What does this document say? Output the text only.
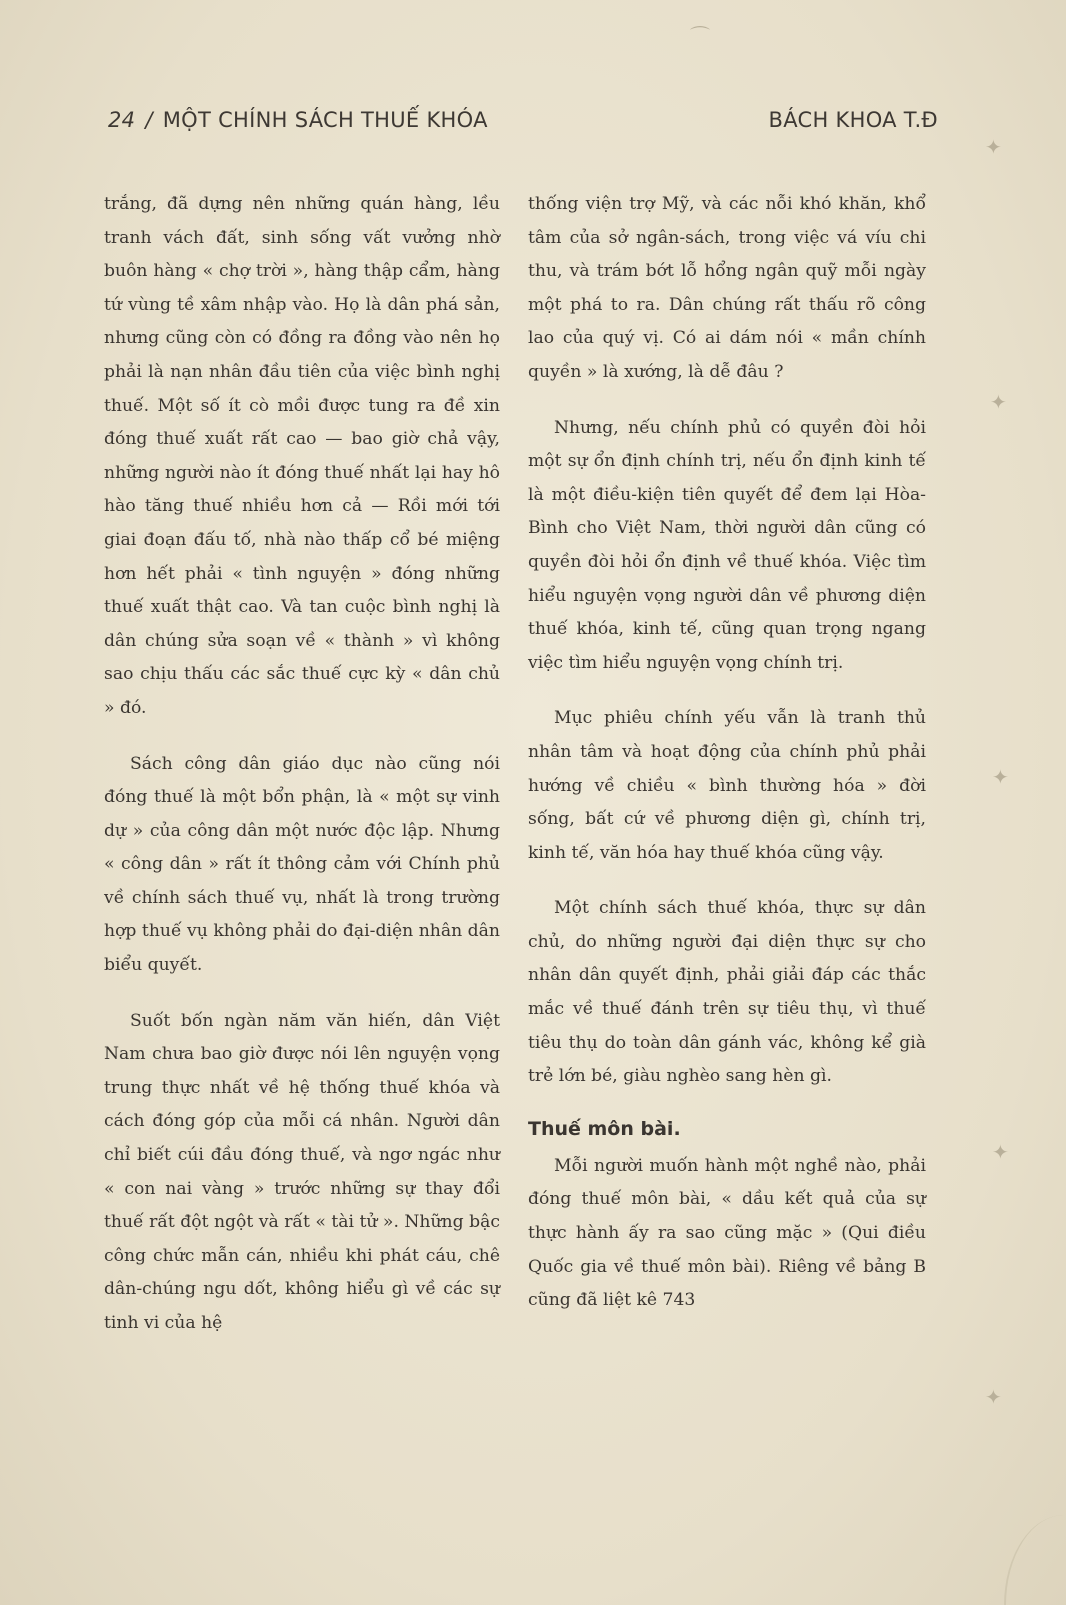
⌒
✦
✦
✦
✦
✦
24 / MỘT CHÍNH SÁCH THUẾ KHÓA	BÁCH KHOA T.Đ

trắng, đã dựng nên những quán hàng, lều tranh vách đất, sinh sống vất vưởng nhờ buôn hàng « chợ trời », hàng thập cẩm, hàng tứ vùng tề xâm nhập vào. Họ là dân phá sản, nhưng cũng còn có đồng ra đồng vào nên họ phải là nạn nhân đầu tiên của việc bình nghị thuế. Một số ít cò mồi được tung ra đề xin đóng thuế xuất rất cao — bao giờ chả vậy, những người nào ít đóng thuế nhất lại hay hô hào tăng thuế nhiều hơn cả — Rồi mới tới giai đoạn đấu tố, nhà nào thấp cổ bé miệng hơn hết phải « tình nguyện » đóng những thuế xuất thật cao. Và tan cuộc bình nghị là dân chúng sửa soạn về « thành » vì không sao chịu thấu các sắc thuế cực kỳ « dân chủ » đó.

Sách công dân giáo dục nào cũng nói đóng thuế là một bổn phận, là « một sự vinh dự » của công dân một nước độc lập. Nhưng « công dân » rất ít thông cảm với Chính phủ về chính sách thuế vụ, nhất là trong trường hợp thuế vụ không phải do đại-diện nhân dân biểu quyết.

Suốt bốn ngàn năm văn hiến, dân Việt Nam chưa bao giờ được nói lên nguyện vọng trung thực nhất về hệ thống thuế khóa và cách đóng góp của mỗi cá nhân. Người dân chỉ biết cúi đầu đóng thuế, và ngơ ngác như « con nai vàng » trước những sự thay đổi thuế rất đột ngột và rất « tài tử ». Những bậc công chức mẫn cán, nhiều khi phát cáu, chê dân-chúng ngu dốt, không hiểu gì về các sự tinh vi của hệ

thống viện trợ Mỹ, và các nỗi khó khăn, khổ tâm của sở ngân-sách, trong việc vá víu chi thu, và trám bớt lỗ hổng ngân quỹ mỗi ngày một phá to ra. Dân chúng rất thấu rõ công lao của quý vị. Có ai dám nói « mần chính quyền » là xướng, là dễ đâu ?

Nhưng, nếu chính phủ có quyền đòi hỏi một sự ổn định chính trị, nếu ổn định kinh tế là một điều-kiện tiên quyết để đem lại Hòa-Bình cho Việt Nam, thời người dân cũng có quyền đòi hỏi ổn định về thuế khóa. Việc tìm hiểu nguyện vọng người dân về phương diện thuế khóa, kinh tế, cũng quan trọng ngang việc tìm hiểu nguyện vọng chính trị.

Mục phiêu chính yếu vẫn là tranh thủ nhân tâm và hoạt động của chính phủ phải hướng về chiều « bình thường hóa » đời sống, bất cứ về phương diện gì, chính trị, kinh tế, văn hóa hay thuế khóa cũng vậy.

Một chính sách thuế khóa, thực sự dân chủ, do những người đại diện thực sự cho nhân dân quyết định, phải giải đáp các thắc mắc về thuế đánh trên sự tiêu thụ, vì thuế tiêu thụ do toàn dân gánh vác, không kể già trẻ lớn bé, giàu nghèo sang hèn gì.

Thuế môn bài.

Mỗi người muốn hành một nghề nào, phải đóng thuế môn bài, « dầu kết quả của sự thực hành ấy ra sao cũng mặc » (Qui điều Quốc gia về thuế môn bài). Riêng về bảng B cũng đã liệt kê 743
